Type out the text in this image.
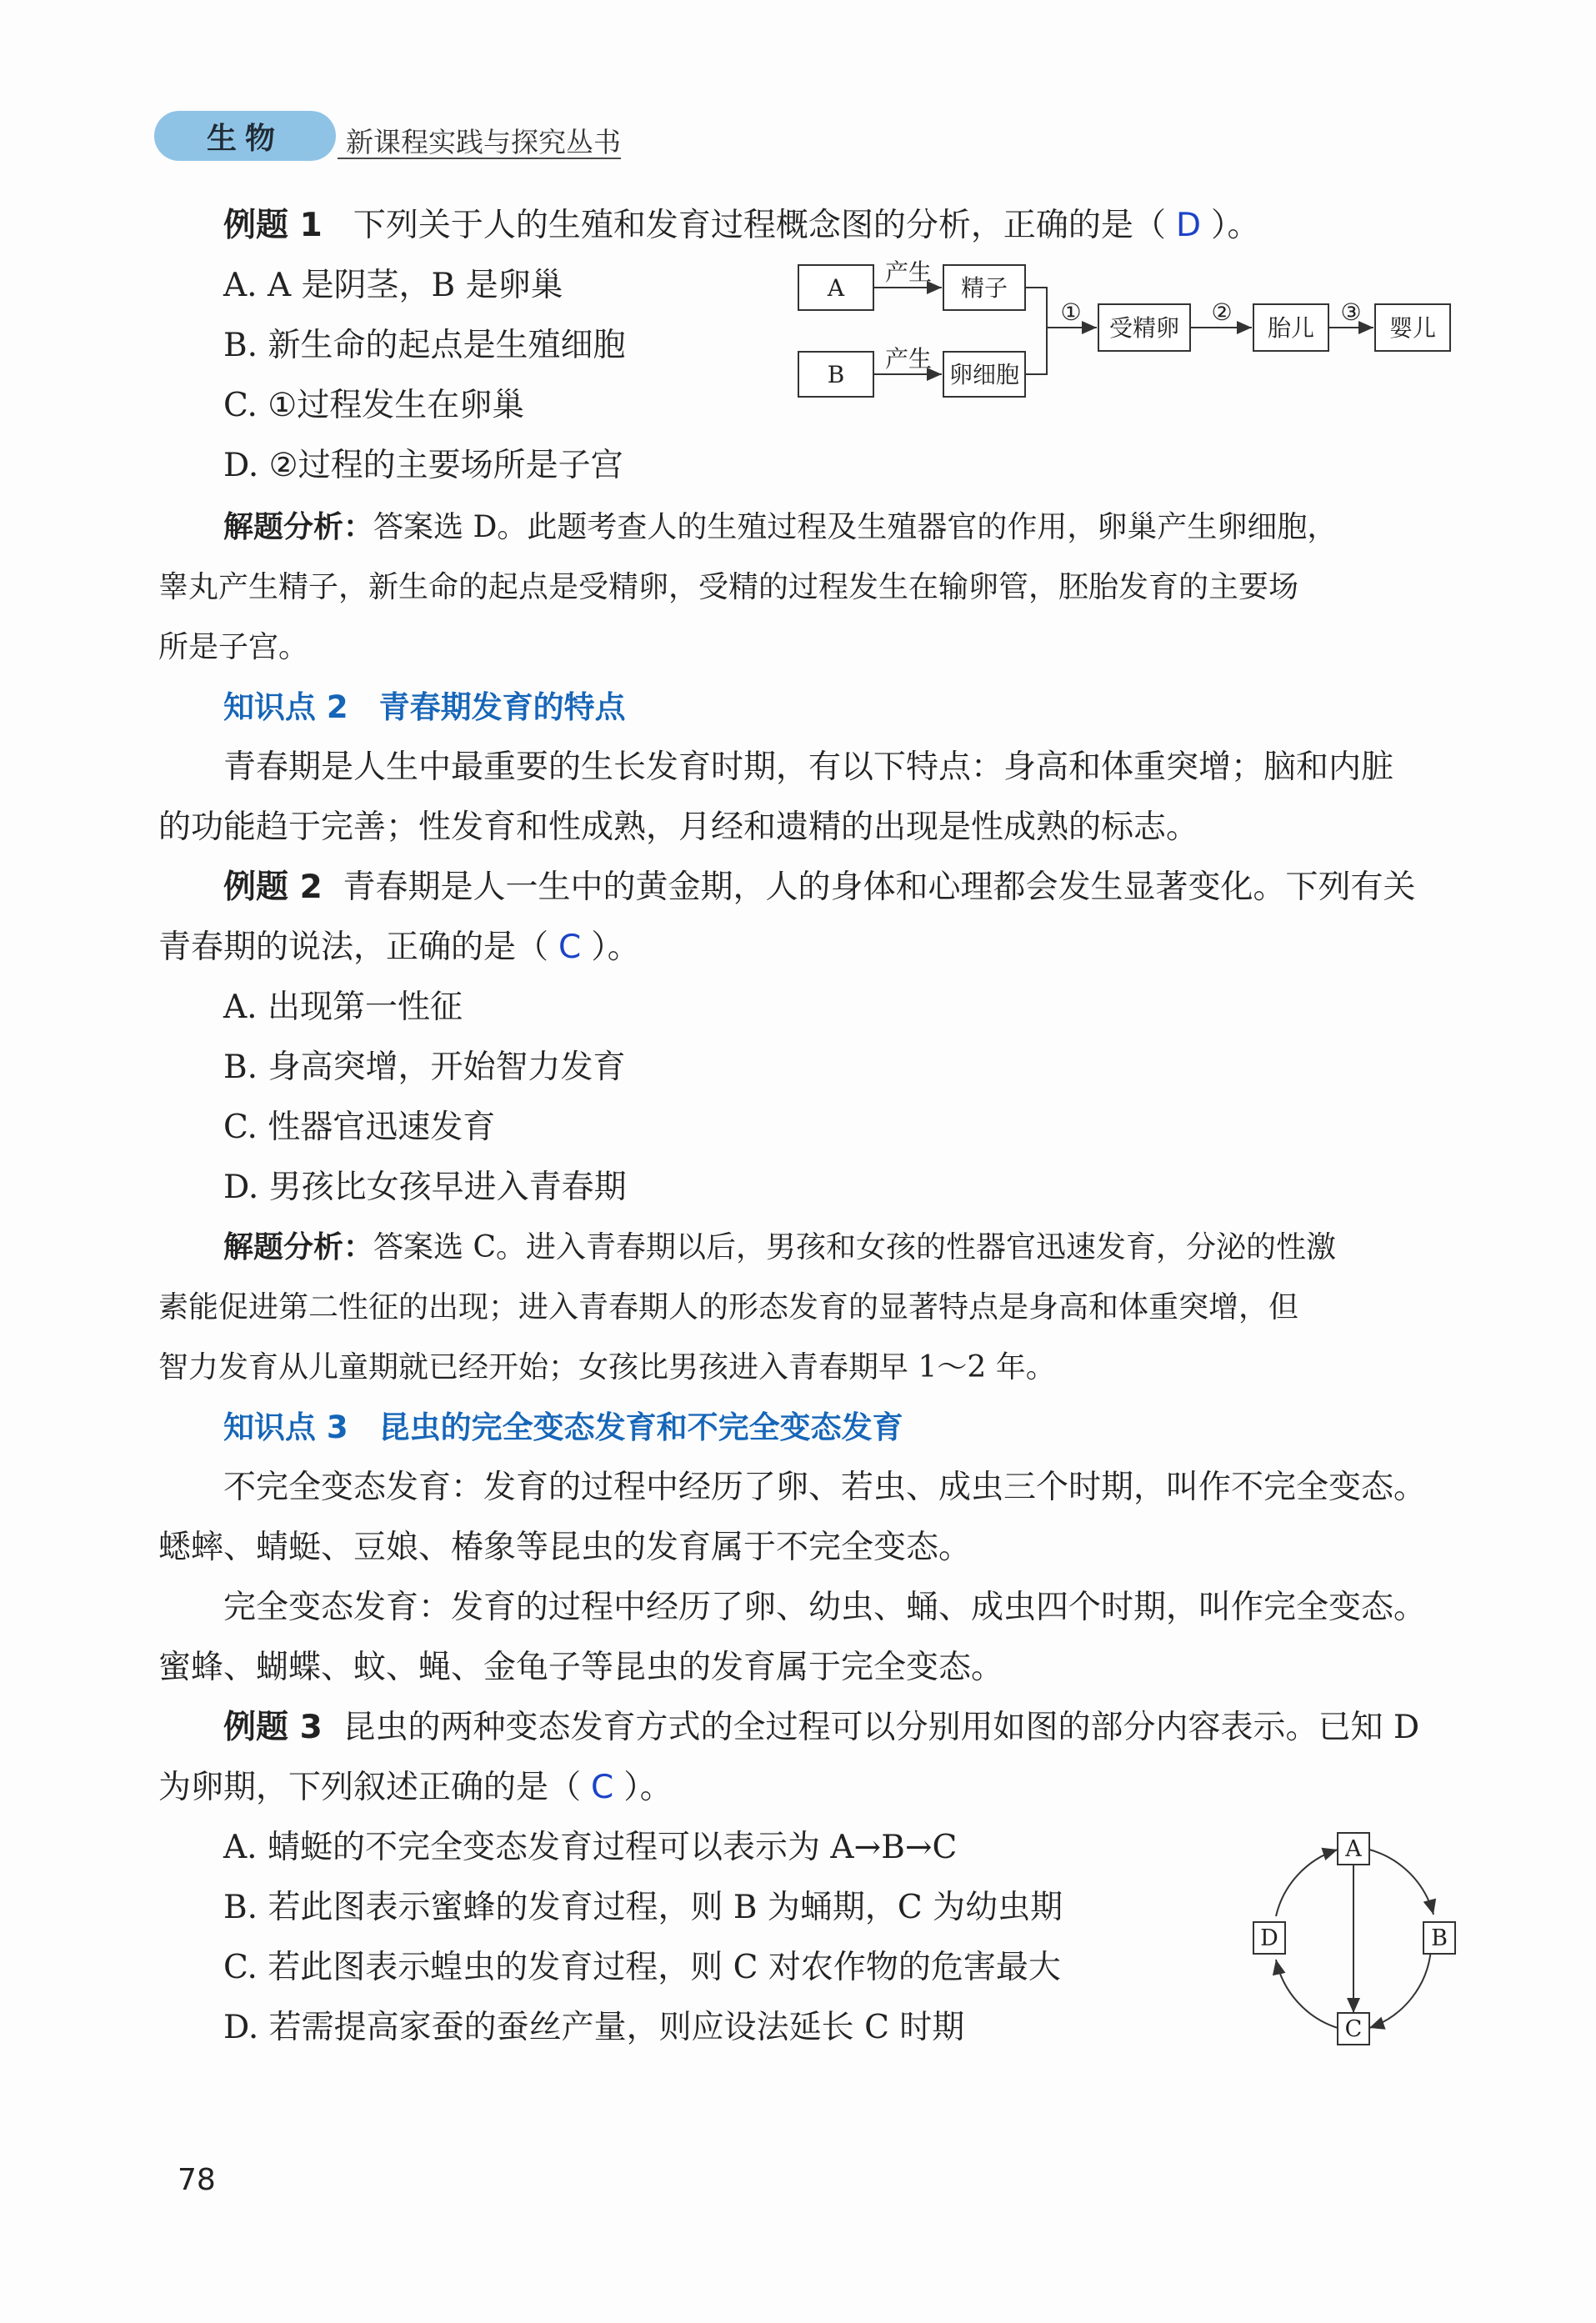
生物	新课程实践与探究丛书
例题 1 下列关于人的生殖和发育过程概念图的分析，正确的是（ D ）。
A. A 是阴茎，B 是卵巢
B. 新生命的起点是生殖细胞
C. ①过程发生在卵巢
D. ②过程的主要场所是子宫
A
B
产生
产生
精子
卵细胞
①
受精卵
②
胎儿
③
婴儿
解题分析：答案选 D。此题考查人的生殖过程及生殖器官的作用，卵巢产生卵细胞，
睾丸产生精子，新生命的起点是受精卵，受精的过程发生在输卵管，胚胎发育的主要场
所是子宫。
知识点 2　青春期发育的特点
青春期是人生中最重要的生长发育时期，有以下特点：身高和体重突增；脑和内脏
的功能趋于完善；性发育和性成熟，月经和遗精的出现是性成熟的标志。
例题 2 青春期是人一生中的黄金期，人的身体和心理都会发生显著变化。下列有关
青春期的说法，正确的是（ C ）。
A. 出现第一性征
B. 身高突增，开始智力发育
C. 性器官迅速发育
D. 男孩比女孩早进入青春期
解题分析：答案选 C。进入青春期以后，男孩和女孩的性器官迅速发育，分泌的性激
素能促进第二性征的出现；进入青春期人的形态发育的显著特点是身高和体重突增，但
智力发育从儿童期就已经开始；女孩比男孩进入青春期早 1～2 年。
知识点 3　昆虫的完全变态发育和不完全变态发育
不完全变态发育：发育的过程中经历了卵、若虫、成虫三个时期，叫作不完全变态。
蟋蟀、蜻蜓、豆娘、椿象等昆虫的发育属于不完全变态。
完全变态发育：发育的过程中经历了卵、幼虫、蛹、成虫四个时期，叫作完全变态。
蜜蜂、蝴蝶、蚊、蝇、金龟子等昆虫的发育属于完全变态。
例题 3 昆虫的两种变态发育方式的全过程可以分别用如图的部分内容表示。已知 D
为卵期，下列叙述正确的是（ C ）。
A. 蜻蜓的不完全变态发育过程可以表示为 A→B→C
B. 若此图表示蜜蜂的发育过程，则 B 为蛹期，C 为幼虫期
C. 若此图表示蝗虫的发育过程，则 C 对农作物的危害最大
D. 若需提高家蚕的蚕丝产量，则应设法延长 C 时期
A
B
C
D
78
